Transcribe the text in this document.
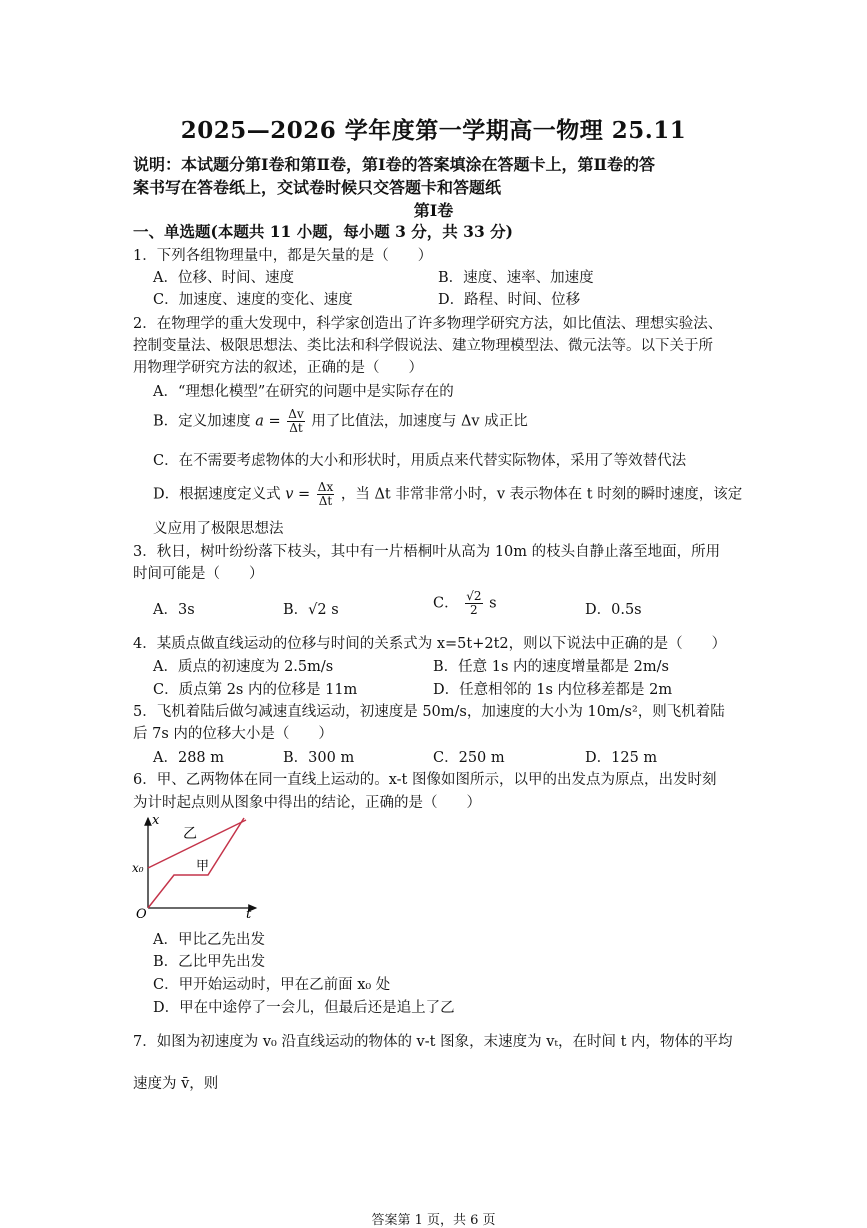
2025—2026 学年度第一学期高一物理 25.11
说明：本试题分第Ⅰ卷和第Ⅱ卷，第Ⅰ卷的答案填涂在答题卡上，第Ⅱ卷的答
案书写在答卷纸上，交试卷时候只交答题卡和答题纸
第Ⅰ卷
一、单选题(本题共 11 小题，每小题 3 分，共 33 分)
1．下列各组物理量中，都是矢量的是（　　）
A．位移、时间、速度	B．速度、速率、加速度
C．加速度、速度的变化、速度	D．路程、时间、位移
2．在物理学的重大发现中，科学家创造出了许多物理学研究方法，如比值法、理想实验法、
控制变量法、极限思想法、类比法和科学假说法、建立物理模型法、微元法等。以下关于所
用物理学研究方法的叙述，正确的是（　　）
A．“理想化模型”在研究的问题中是实际存在的
B．定义加速度 $a = \frac{\Delta v}{\Delta t}$ 用了比值法，加速度与 Δv 成正比
C．在不需要考虑物体的大小和形状时，用质点来代替实际物体，采用了等效替代法
D．根据速度定义式 $v = \frac{\Delta x}{\Delta t}$ ，当 Δt 非常非常小时，v 表示物体在 t 时刻的瞬时速度，该定
义应用了极限思想法
3．秋日，树叶纷纷落下枝头，其中有一片梧桐叶从高为 10m 的枝头自静止落至地面，所用
时间可能是（　　）
A．3s	B．√2 s	C． $\frac{√2}{2}$ s	D．0.5s
4．某质点做直线运动的位移与时间的关系式为 x=5t+2t2，则以下说法中正确的是（　　）
A．质点的初速度为 2.5m/s	B．任意 1s 内的速度增量都是 2m/s
C．质点第 2s 内的位移是 11m	D．任意相邻的 1s 内位移差都是 2m
5．飞机着陆后做匀减速直线运动，初速度是 50m/s，加速度的大小为 10m/s²，则飞机着陆
后 7s 内的位移大小是（　　）
A．288 m	B．300 m	C．250 m	D．125 m
6．甲、乙两物体在同一直线上运动的。x-t 图像如图所示，以甲的出发点为原点，出发时刻
为计时起点则从图象中得出的结论，正确的是（　　）
x
t
O
x₀
乙
甲
A．甲比乙先出发
B．乙比甲先出发
C．甲开始运动时，甲在乙前面 x₀ 处
D．甲在中途停了一会儿，但最后还是追上了乙
7．如图为初速度为 v₀ 沿直线运动的物体的 v-t 图象，末速度为 vₜ，在时间 t 内，物体的平均
速度为 v̄，则
答案第 1 页，共 6 页
